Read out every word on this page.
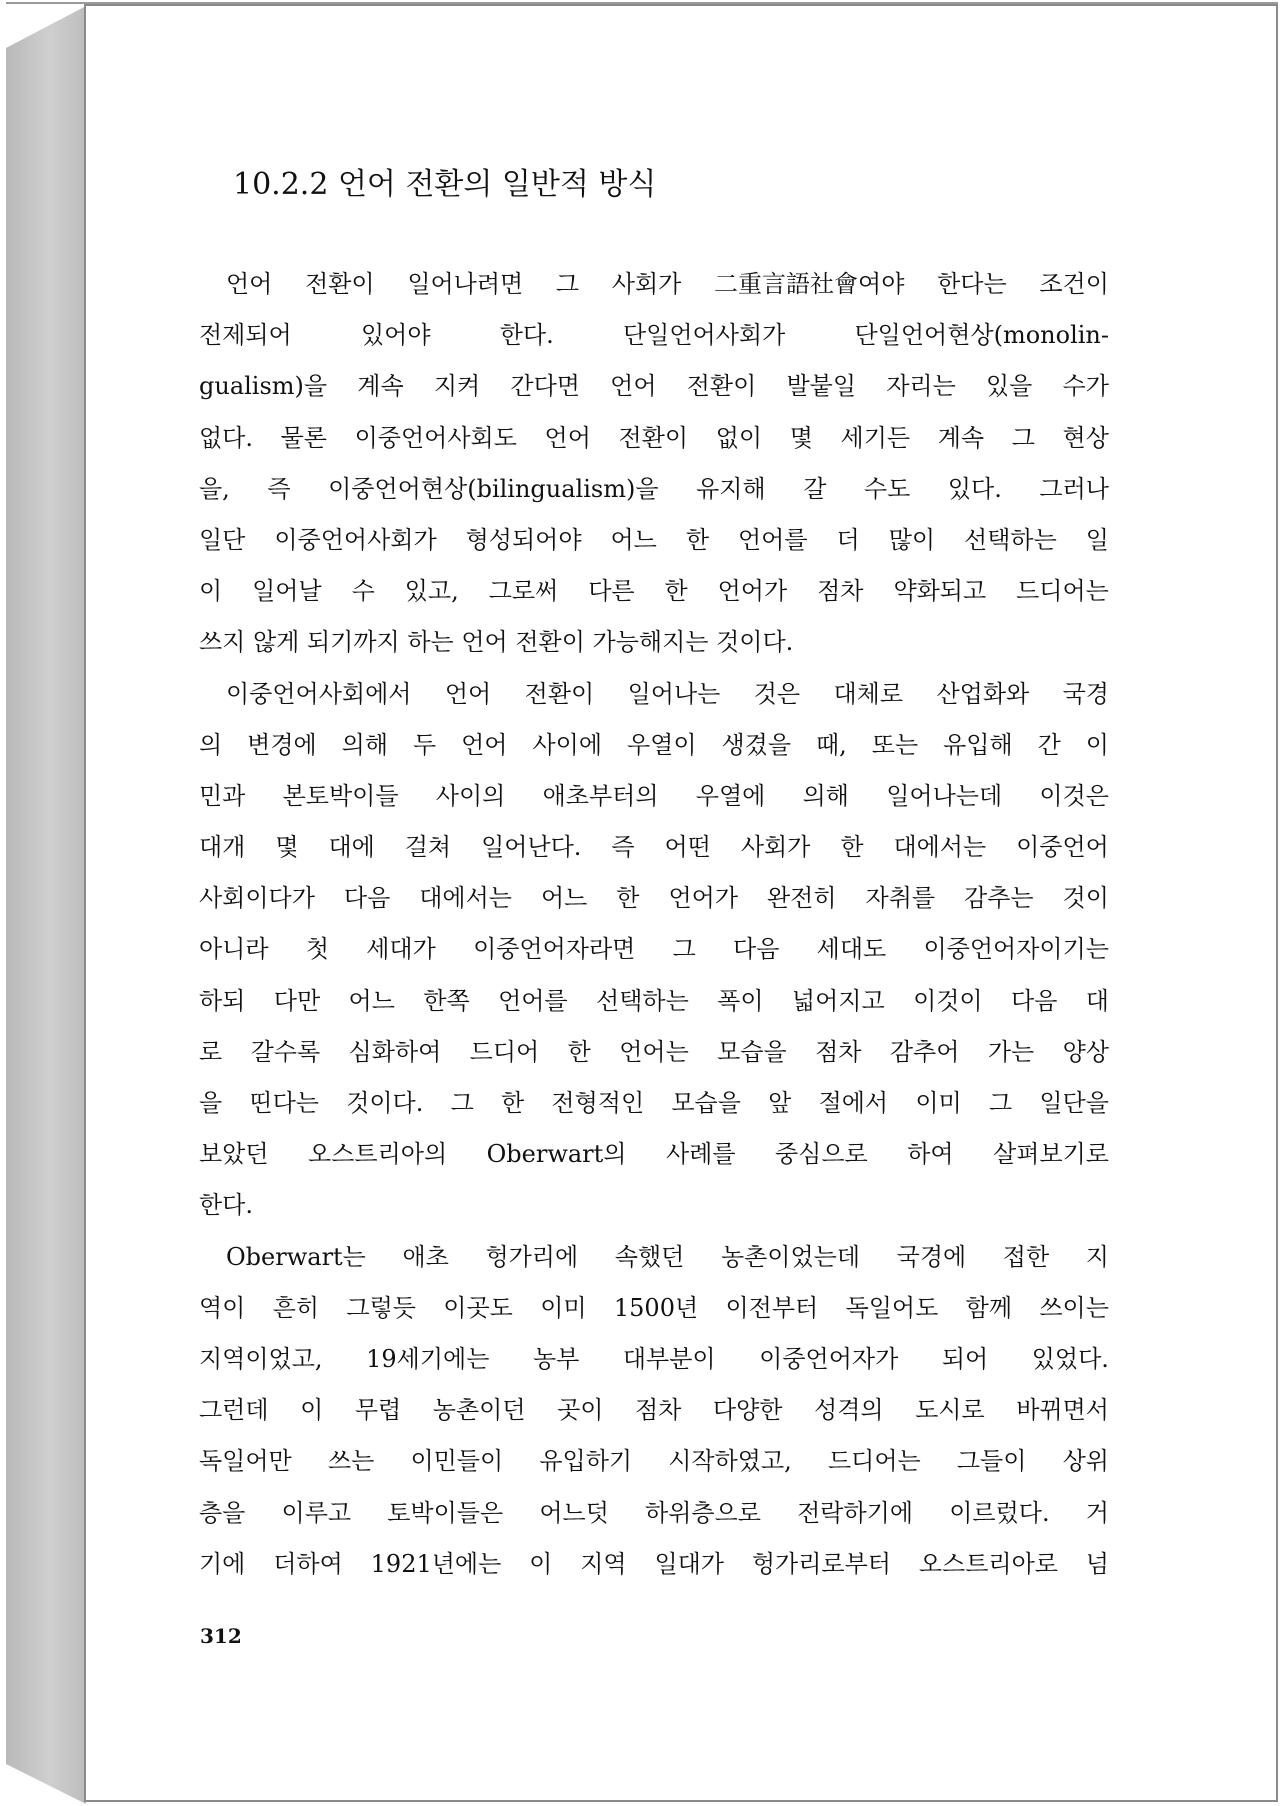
10.2.2 언어 전환의 일반적 방식
언어 전환이 일어나려면 그 사회가 二重言語社會여야 한다는 조건이
전제되어	있어야	한다.	단일언어사회가	단일언어현상(monolin-
gualism)을 계속 지켜 간다면 언어 전환이 발붙일 자리는 있을 수가
없다. 물론 이중언어사회도 언어 전환이 없이 몇 세기든 계속 그 현상
을, 즉 이중언어현상(bilingualism)을 유지해 갈 수도 있다. 그러나
일단 이중언어사회가 형성되어야 어느 한 언어를 더 많이 선택하는 일
이 일어날 수 있고, 그로써 다른 한 언어가 점차 약화되고 드디어는
쓰지 않게 되기까지 하는 언어 전환이 가능해지는 것이다.
이중언어사회에서 언어 전환이 일어나는 것은 대체로 산업화와 국경
의 변경에 의해 두 언어 사이에 우열이 생겼을 때, 또는 유입해 간 이
민과 본토박이들 사이의 애초부터의 우열에 의해 일어나는데 이것은
대개 몇 대에 걸쳐 일어난다. 즉 어떤 사회가 한 대에서는 이중언어
사회이다가 다음 대에서는 어느 한 언어가 완전히 자취를 감추는 것이
아니라 첫 세대가 이중언어자라면 그 다음 세대도 이중언어자이기는
하되 다만 어느 한쪽 언어를 선택하는 폭이 넓어지고 이것이 다음 대
로 갈수록 심화하여 드디어 한 언어는 모습을 점차 감추어 가는 양상
을 띤다는 것이다. 그 한 전형적인 모습을 앞 절에서 이미 그 일단을
보았던 오스트리아의 Oberwart의 사례를 중심으로 하여 살펴보기로
한다.
Oberwart는 애초 헝가리에 속했던 농촌이었는데 국경에 접한 지
역이 흔히 그렇듯 이곳도 이미 1500년 이전부터 독일어도 함께 쓰이는
지역이었고, 19세기에는 농부 대부분이 이중언어자가 되어 있었다.
그런데 이 무렵 농촌이던 곳이 점차 다양한 성격의 도시로 바뀌면서
독일어만 쓰는 이민들이 유입하기 시작하였고, 드디어는 그들이 상위
층을 이루고 토박이들은 어느덧 하위층으로 전락하기에 이르렀다. 거
기에 더하여 1921년에는 이 지역 일대가 헝가리로부터 오스트리아로 넘
312
